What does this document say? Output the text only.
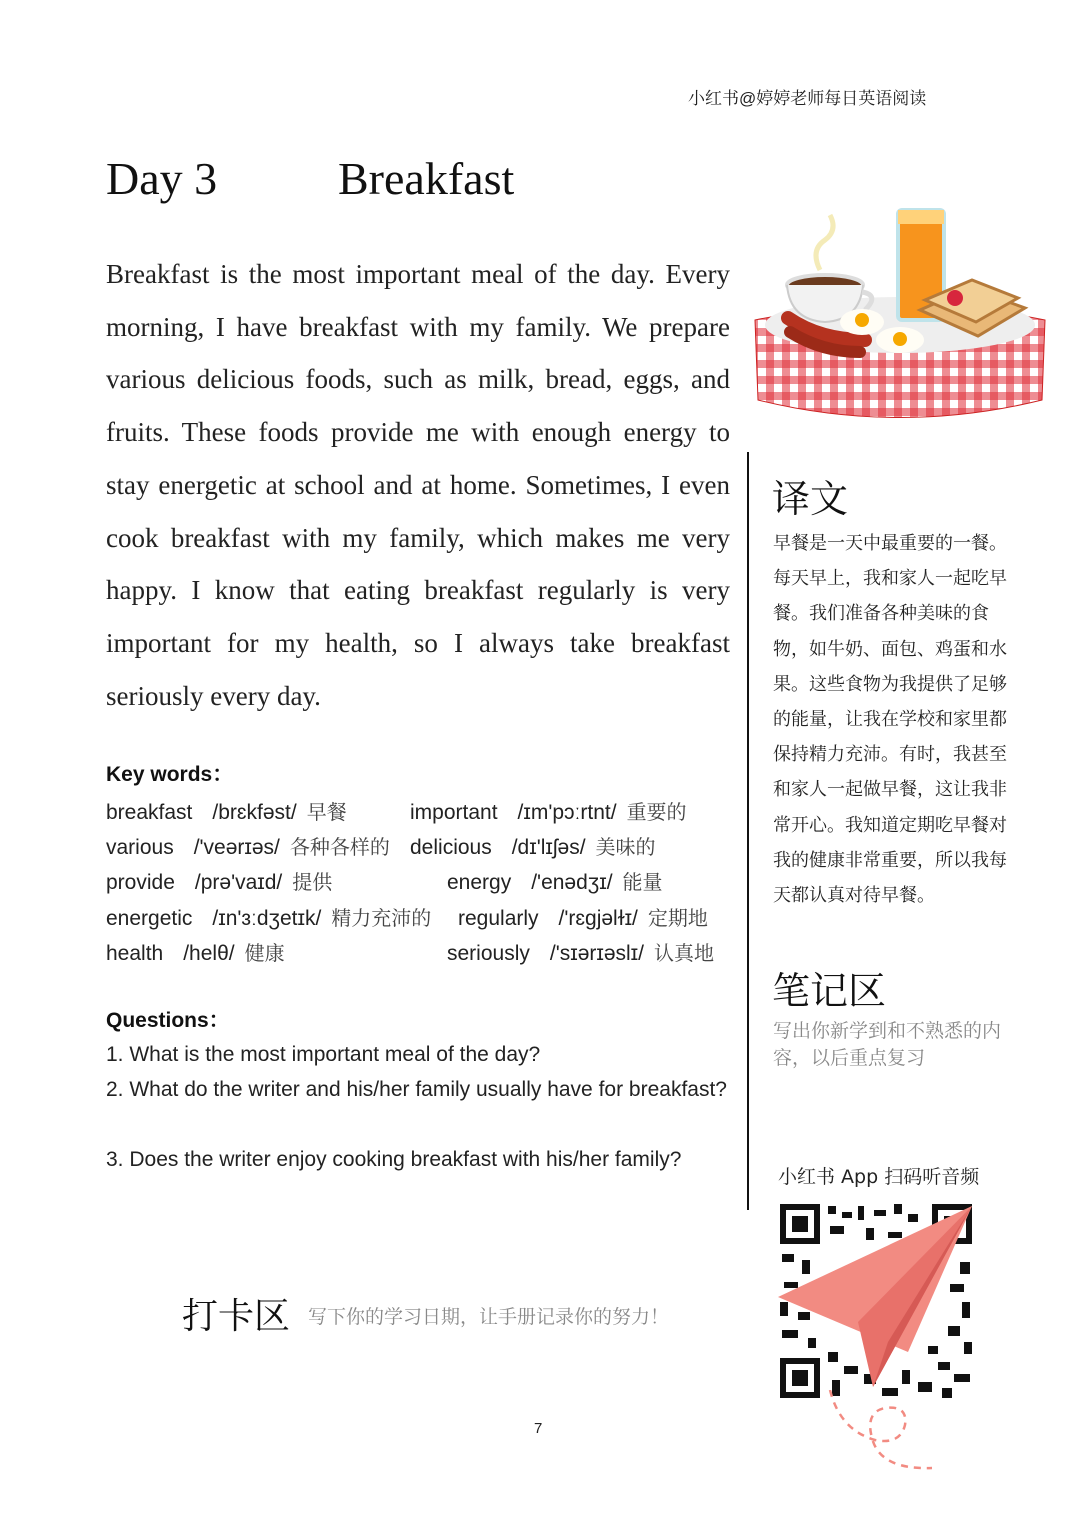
小红书@婷婷老师每日英语阅读
Day 3	Breakfast

Breakfast is the most important meal of the day. Every morning, I have breakfast with my family. We prepare various delicious foods, such as milk, bread, eggs, and fruits. These foods provide me with enough energy to stay energetic at school and at home. Sometimes, I even cook breakfast with my family, which makes me very happy. I know that eating breakfast regularly is very important for my health, so I always take breakfast seriously every day.

Key words：
breakfast /brɛkfəst/ 早餐
various /'veərɪəs/ 各种各样的
provide /prə'vaɪd/ 提供
energetic /ɪn'ɜːdʒetɪk/ 精力充沛的
health /helθ/ 健康
important /ɪm'pɔːrtnt/ 重要的
delicious /dɪ'lɪʃəs/ 美味的
energy /'enədʒɪ/ 能量
regularly /'rɛgjəlɫɪ/ 定期地
seriously /'sɪərɪəslɪ/ 认真地
Questions：
1. What is the most important meal of the day?
2. What do the writer and his/her family usually have for breakfast?
3. Does the writer enjoy cooking breakfast with his/her family?
译文

早餐是一天中最重要的一餐。每天早上，我和家人一起吃早餐。我们准备各种美味的食物，如牛奶、面包、鸡蛋和水果。这些食物为我提供了足够的能量，让我在学校和家里都保持精力充沛。有时，我甚至和家人一起做早餐，这让我非常开心。我知道定期吃早餐对我的健康非常重要，所以我每天都认真对待早餐。

笔记区
写出你新学到和不熟悉的内容，以后重点复习
小红书 App 扫码听音频
打卡区 写下你的学习日期，让手册记录你的努力！
7
